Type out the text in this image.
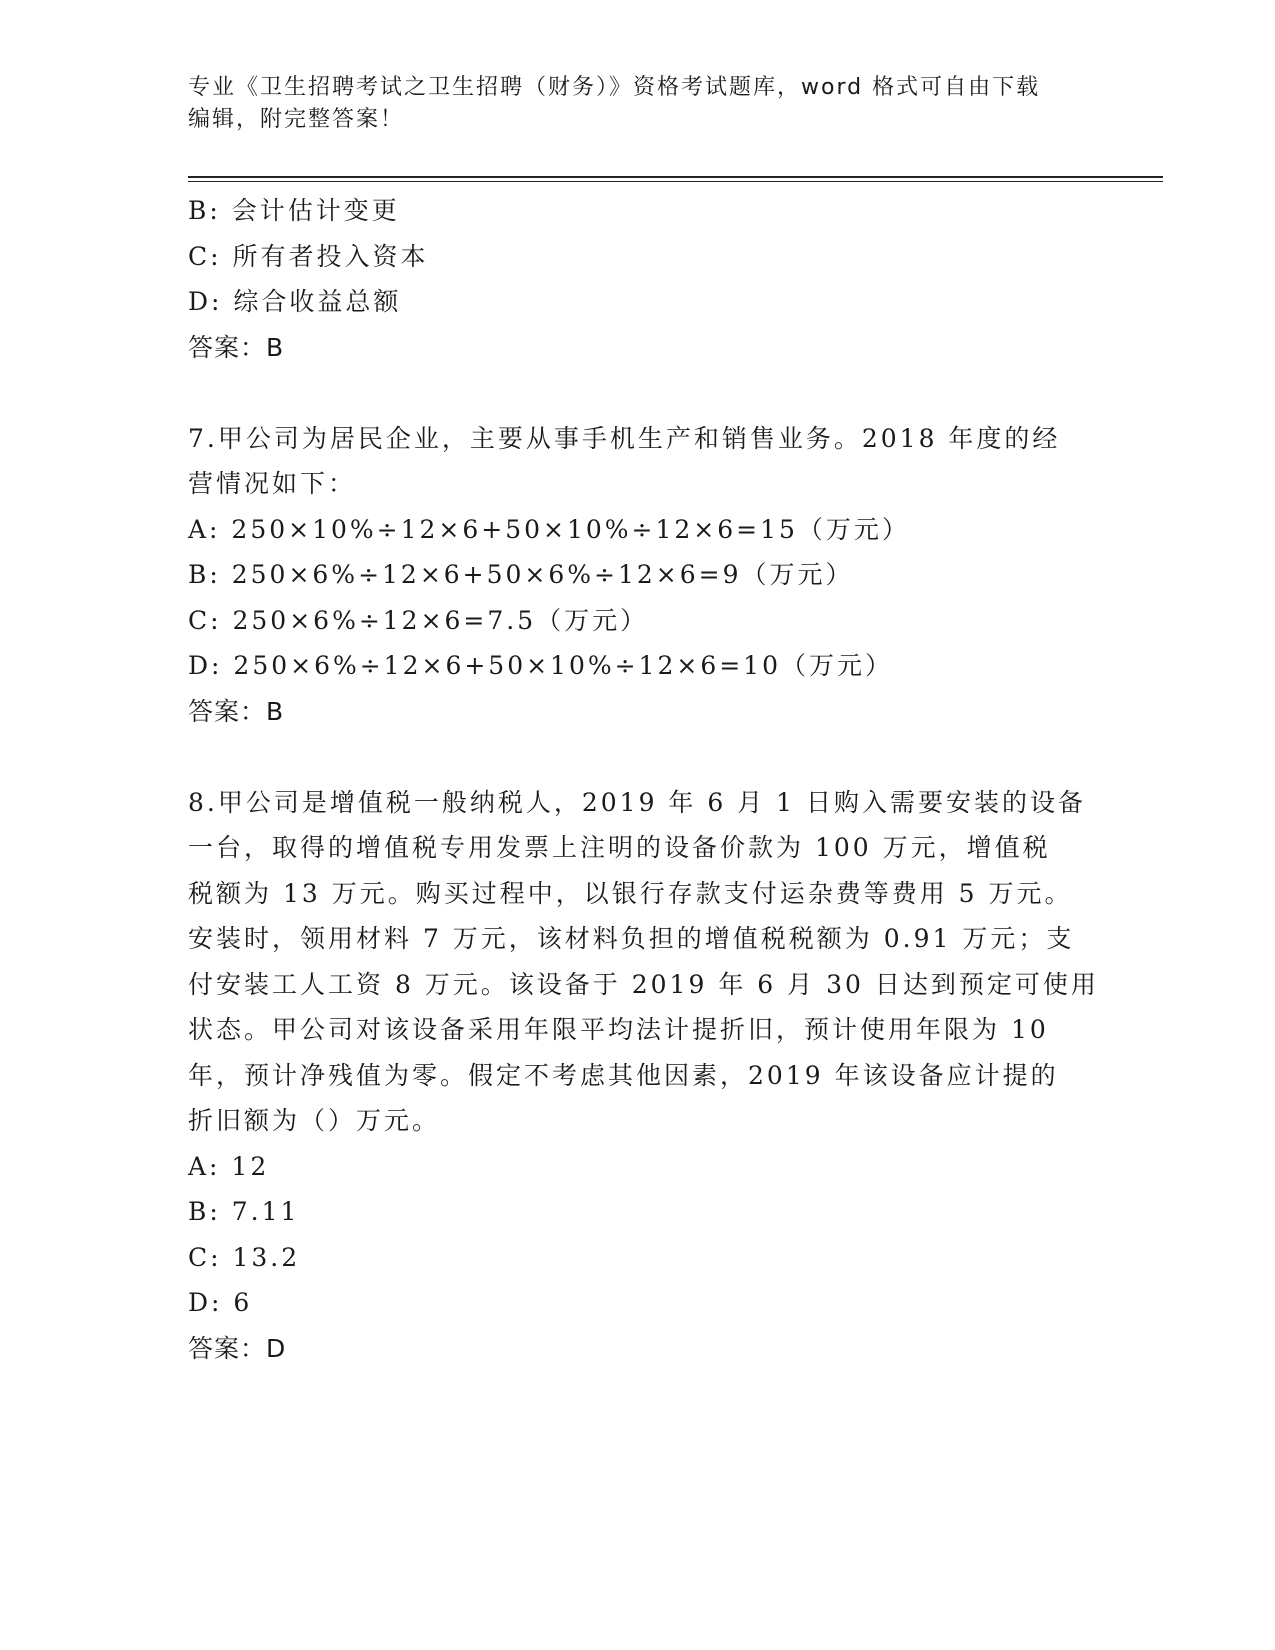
专业《卫生招聘考试之卫生招聘（财务）》资格考试题库，word 格式可自由下载
编辑，附完整答案！

B: 会计估计变更

C: 所有者投入资本

D: 综合收益总额

答案：B

7.甲公司为居民企业，主要从事手机生产和销售业务。2018 年度的经

营情况如下：

A: 250×10%÷12×6+50×10%÷12×6=15（万元）

B: 250×6%÷12×6+50×6%÷12×6=9（万元）

C: 250×6%÷12×6=7.5（万元）

D: 250×6%÷12×6+50×10%÷12×6=10（万元）

答案：B

8.甲公司是增值税一般纳税人，2019 年 6 月 1 日购入需要安装的设备

一台，取得的增值税专用发票上注明的设备价款为 100 万元，增值税

税额为 13 万元。购买过程中，以银行存款支付运杂费等费用 5 万元。

安装时，领用材料 7 万元，该材料负担的增值税税额为 0.91 万元；支

付安装工人工资 8 万元。该设备于 2019 年 6 月 30 日达到预定可使用

状态。甲公司对该设备采用年限平均法计提折旧，预计使用年限为 10

年，预计净残值为零。假定不考虑其他因素，2019 年该设备应计提的

折旧额为（）万元。

A: 12

B: 7.11

C: 13.2

D: 6

答案：D
